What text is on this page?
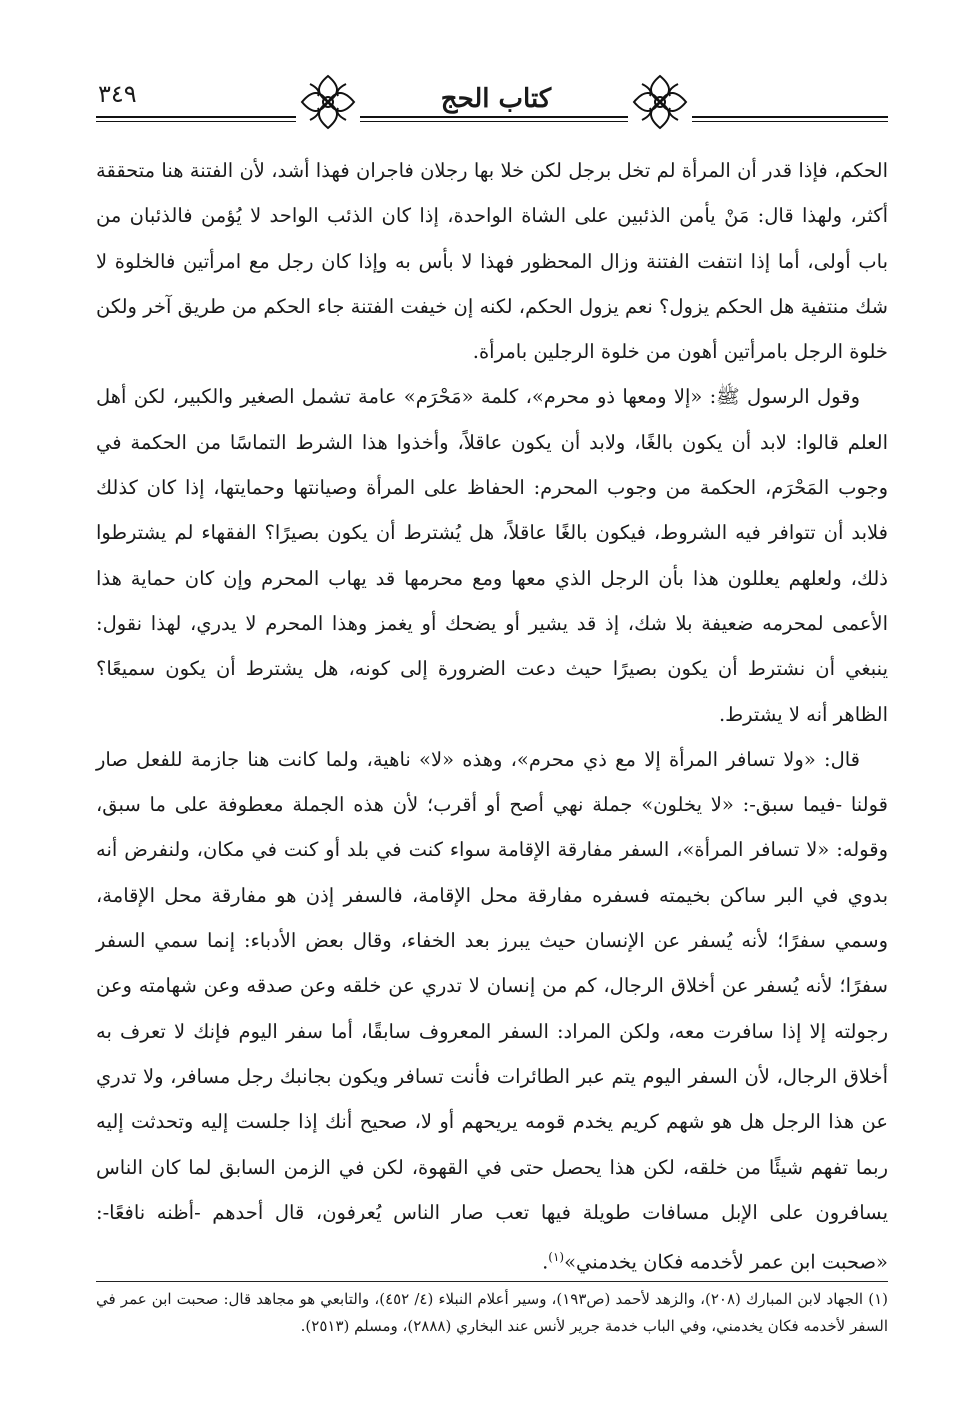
٣٤٩	كتاب الحج

الحكم، فإذا قدر أن المرأة لم تخل برجل لكن خلا بها رجلان فاجران فهذا أشد، لأن الفتنة هنا متحققة أكثر، ولهذا قال: مَنْ يأمن الذئبين على الشاة الواحدة، إذا كان الذئب الواحد لا يُؤمن فالذئبان من باب أولى، أما إذا انتفت الفتنة وزال المحظور فهذا لا بأس به وإذا كان رجل مع امرأتين فالخلوة لا شك منتفية هل الحكم يزول؟ نعم يزول الحكم، لكنه إن خيفت الفتنة جاء الحكم من طريق آخر ولكن خلوة الرجل بامرأتين أهون من خلوة الرجلين بامرأة.

وقول الرسول ﷺ: «إلا ومعها ذو محرم»، كلمة «مَحْرَم» عامة تشمل الصغير والكبير، لكن أهل العلم قالوا: لابد أن يكون بالغًا، ولابد أن يكون عاقلاً، وأخذوا هذا الشرط التماسًا من الحكمة في وجوب المَحْرَم، الحكمة من وجوب المحرم: الحفاظ على المرأة وصيانتها وحمايتها، إذا كان كذلك فلابد أن تتوافر فيه الشروط، فيكون بالغًا عاقلاً، هل يُشترط أن يكون بصيرًا؟ الفقهاء لم يشترطوا ذلك، ولعلهم يعللون هذا بأن الرجل الذي معها ومع محرمها قد يهاب المحرم وإن كان حماية هذا الأعمى لمحرمه ضعيفة بلا شك، إذ قد يشير أو يضحك أو يغمز وهذا المحرم لا يدري، لهذا نقول: ينبغي أن نشترط أن يكون بصيرًا حيث دعت الضرورة إلى كونه، هل يشترط أن يكون سميعًا؟ الظاهر أنه لا يشترط.

قال: «ولا تسافر المرأة إلا مع ذي محرم»، وهذه «لا» ناهية، ولما كانت هنا جازمة للفعل صار قولنا -فيما سبق-: «لا يخلون» جملة نهي أصح أو أقرب؛ لأن هذه الجملة معطوفة على ما سبق، وقوله: «لا تسافر المرأة»، السفر مفارقة الإقامة سواء كنت في بلد أو كنت في مكان، ولنفرض أنه بدوي في البر ساكن بخيمته فسفره مفارقة محل الإقامة، فالسفر إذن هو مفارقة محل الإقامة، وسمي سفرًا؛ لأنه يُسفر عن الإنسان حيث يبرز بعد الخفاء، وقال بعض الأدباء: إنما سمي السفر سفرًا؛ لأنه يُسفر عن أخلاق الرجال، كم من إنسان لا تدري عن خلقه وعن صدقه وعن شهامته وعن رجولته إلا إذا سافرت معه، ولكن المراد: السفر المعروف سابقًا، أما سفر اليوم فإنك لا تعرف به أخلاق الرجال، لأن السفر اليوم يتم عبر الطائرات فأنت تسافر ويكون بجانبك رجل مسافر، ولا تدري عن هذا الرجل هل هو شهم كريم يخدم قومه يريحهم أو لا، صحيح أنك إذا جلست إليه وتحدثت إليه ربما تفهم شيئًا من خلقه، لكن هذا يحصل حتى في القهوة، لكن في الزمن السابق لما كان الناس يسافرون على الإبل مسافات طويلة فيها تعب صار الناس يُعرفون، قال أحدهم -أظنه نافعًا-: «صحبت ابن عمر لأخدمه فكان يخدمني»$^{(١)}$.

(١) الجهاد لابن المبارك (٢٠٨)، والزهد لأحمد (ص١٩٣)، وسير أعلام النبلاء (٤/ ٤٥٢)، والتابعي هو مجاهد قال: صحبت ابن عمر في السفر لأخدمه فكان يخدمني، وفي الباب خدمة جرير لأنس عند البخاري (٢٨٨٨)، ومسلم (٢٥١٣).
